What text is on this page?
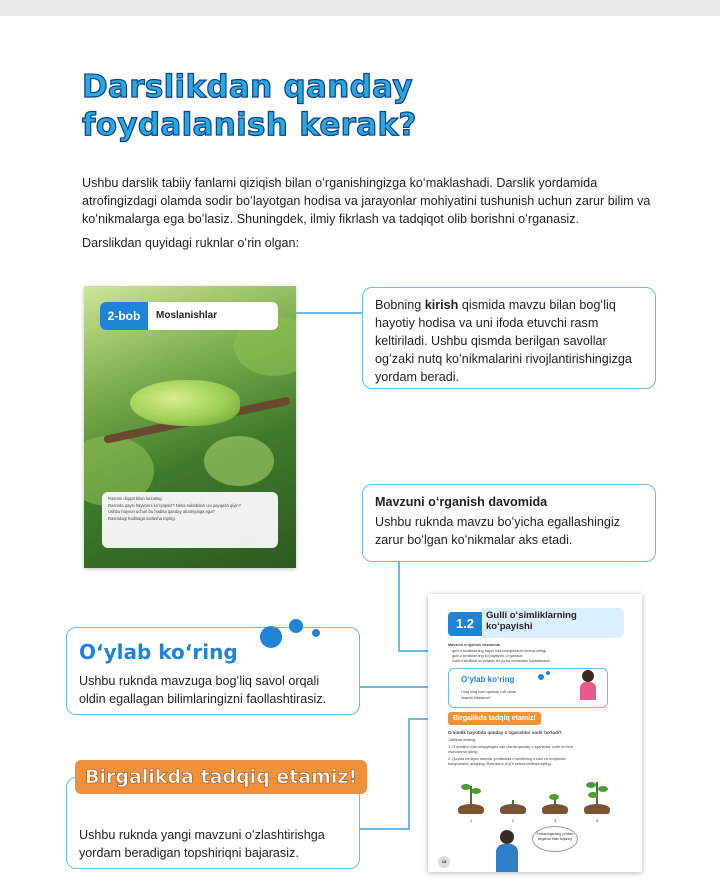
Darslikdan qanday
foydalanish kerak?
Ushbu darslik tabiiy fanlarni qiziqish bilan oʻrganishingizga koʻmaklashadi. Darslik yordamida atrofingizdagi olamda sodir boʻlayotgan hodisa va jarayonlar mohiyatini tushunish uchun zarur bilim va koʻnikmalarga ega boʻlasiz. Shuningdek, ilmiy fikrlash va tadqiqot olib borishni oʻrganasiz.
Darslikdan quyidagi ruknlar oʻrin olgan:
2-bob	Moslanishlar
Rasmni diqqat bilan kuzating.
Rasmda qaysi hayvonni koʻryapsiz? Nima sababdan uni payqash qiyin?
Ushbu hayvon uchun bu hodisa qanday ahamiyatga ega?
Rasmdagi hodisaga sarlavha toping.

Bobning kirish qismida mavzu bilan bogʻliq hayotiy hodisa va uni ifoda etuvchi rasm keltiriladi. Ushbu qismda berilgan savollar ogʻzaki nutq koʻnikmalarini rivojlantirishingizga yordam beradi.

Mavzuni oʻrganish davomida

Ushbu ruknda mavzu boʻyicha egallashingiz zarur boʻlgan koʻnikmalar aks etadi.

Oʻylab koʻring

Ushbu ruknda mavzuga bogʻliq savol orqali oldin egallagan bilimlaringizni faollashtirasiz.

Birgalikda tadqiq etamiz!

Ushbu ruknda yangi mavzuni oʻzlashtirishga yordam beradigan topshiriqni bajarasiz.

1.2
Gulli oʻsimliklarning koʻpayishi
Mavzuni oʻrganish davomida
gulli oʻsimliklarning hayot sikli bosqichlarini ketma-ketligi
gulli oʻsimliklarning koʻpayishini oʻrganasiz
Gulli oʻsimliklar koʻpayishi boʻyicha modeldan foydalanasiz
Oʻylab koʻring
Urugʻning ham qanday rolli ulkan
ekanini bilasizmi?
Birgalikda tadqiq etamiz!
Oʻsimlik hayotida qanday oʻzgarishlar sodir boʻladi?
Juftlikda ishlang.
1. Oʻsimlikni oʻsib chiqqangan sari ularda qanday oʻzgarishlar sodir boʻlishi
muhokama qiling.
2. Quyida berilgan rasmlar yordamida oʻsimlikning oʻsish va rivojlanish
bosqichlarini aniqlang. Rasmlarni toʻgʻri ketma-ketlikda ayting.
1	2	3	4
Ertikanlingizning yordam deganlar bilan bajaring
13
